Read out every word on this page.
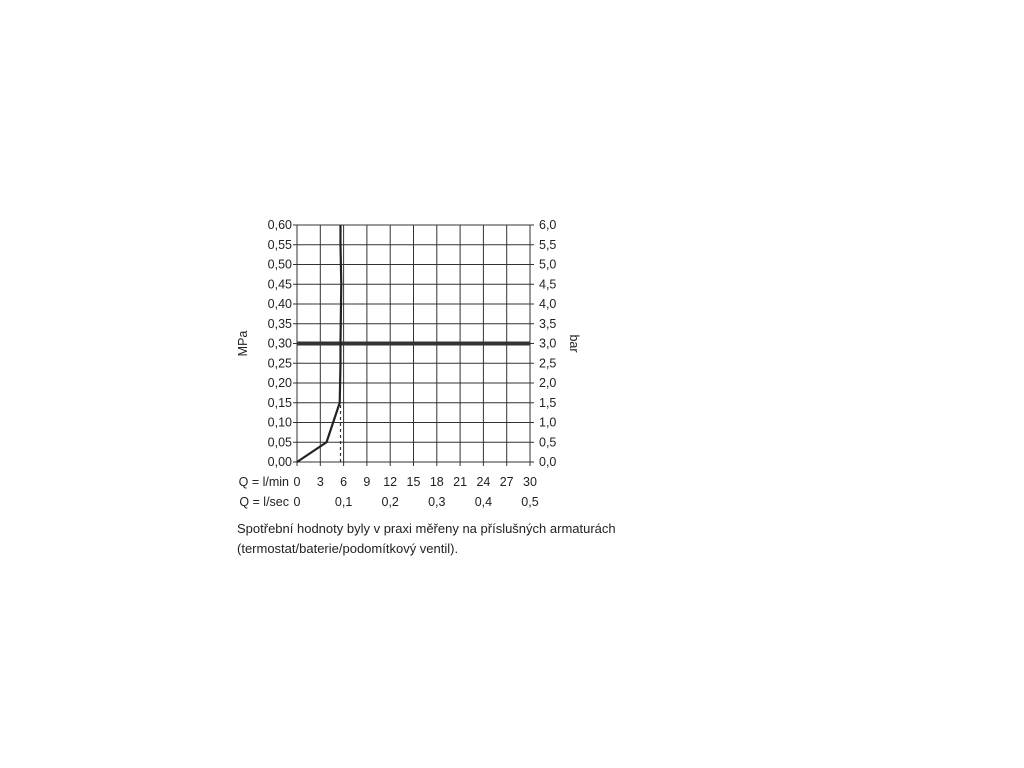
0,00
0,05
0,10
0,15
0,20
0,25
0,30
0,35
0,40
0,45
0,50
0,55
0,60
0,0
0,5
1,0
1,5
2,0
2,5
3,0
3,5
4,0
4,5
5,0
5,5
6,0
0 3 6 9 12 15 18 21 24 27 30
0	0,1 0,2 0,3 0,4 0,5
Q = l/min
Q = l/sec
MPa	bar

Spotřební hodnoty byly v praxi měřeny na příslušných armaturách (termostat/baterie/podomítkový ventil).
